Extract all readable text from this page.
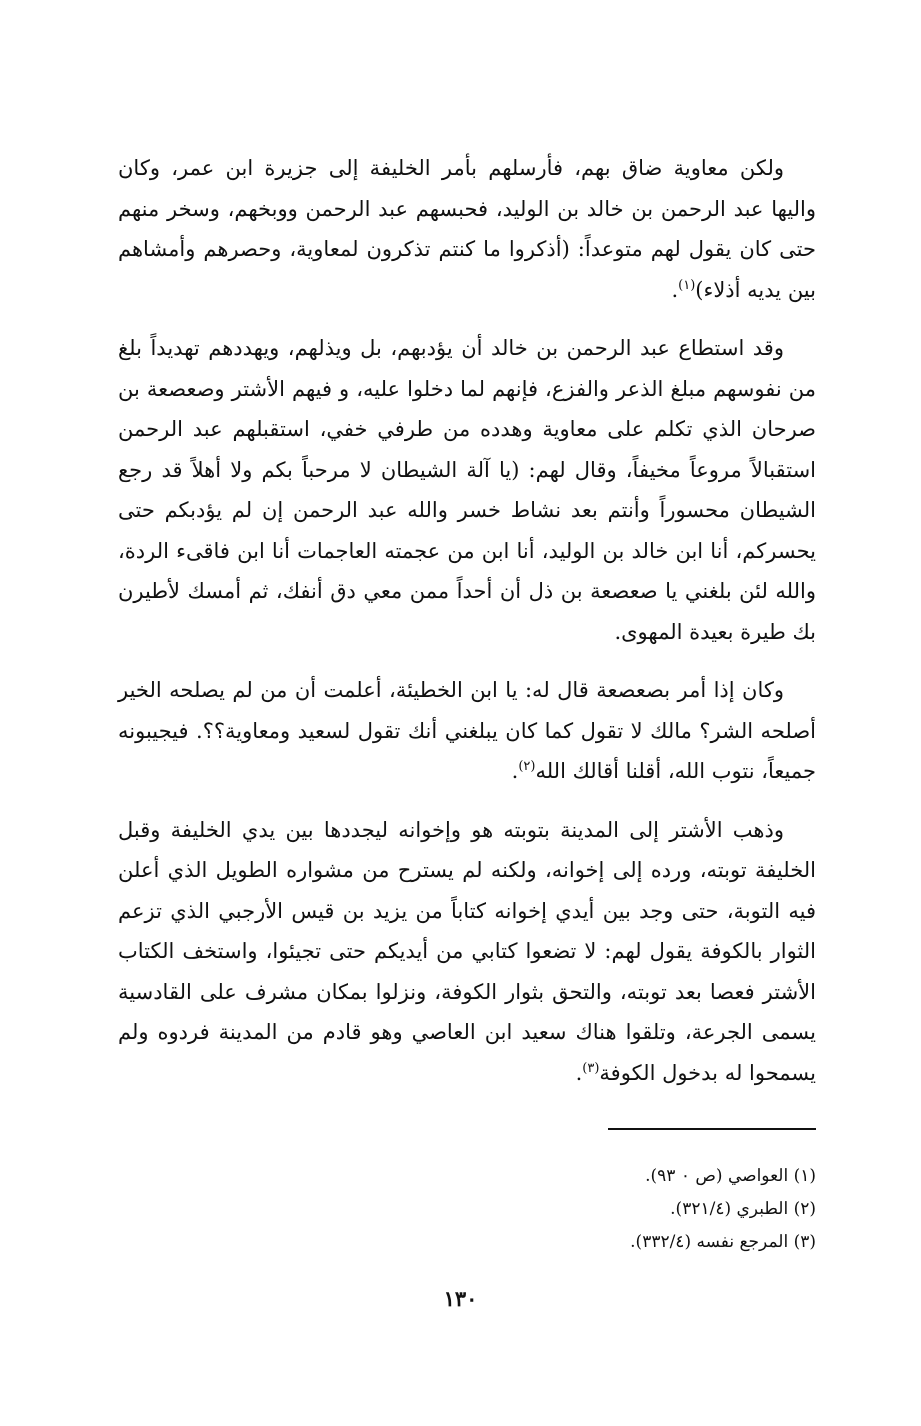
ولكن معاوية ضاق بهم، فأرسلهم بأمر الخليفة إلى جزيرة ابن عمر، وكان واليها عبد الرحمن بن خالد بن الوليد، فحبسهم عبد الرحمن ووبخهم، وسخر منهم حتى كان يقول لهم متوعداً: (أذكروا ما كنتم تذكرون لمعاوية، وحصرهم وأمشاهم بين يديه أذلاء)$^{(١)}$.

وقد استطاع عبد الرحمن بن خالد أن يؤدبهم، بل ويذلهم، ويهددهم تهديداً بلغ من نفوسهم مبلغ الذعر والفزع، فإنهم لما دخلوا عليه، و فيهم الأشتر وصعصعة بن صرحان الذي تكلم على معاوية وهدده من طرفي خفي، استقبلهم عبد الرحمن استقبالاً مروعاً مخيفاً، وقال لهم: (يا آلة الشيطان لا مرحباً بكم ولا أهلاً قد رجع الشيطان محسوراً وأنتم بعد نشاط خسر والله عبد الرحمن إن لم يؤدبكم حتى يحسركم، أنا ابن خالد بن الوليد، أنا ابن من عجمته العاجمات أنا ابن فاقىء الردة، والله لئن بلغني يا صعصعة بن ذل أن أحداً ممن معي دق أنفك، ثم أمسك لأطيرن بك طيرة بعيدة المهوى.

وكان إذا أمر بصعصعة قال له: يا ابن الخطيئة، أعلمت أن من لم يصلحه الخير أصلحه الشر؟ مالك لا تقول كما كان يبلغني أنك تقول لسعيد ومعاوية؟؟. فيجيبونه جميعاً، نتوب الله، أقلنا أقالك الله$^{(٢)}$.

وذهب الأشتر إلى المدينة بتوبته هو وإخوانه ليجددها بين يدي الخليفة وقبل الخليفة توبته، ورده إلى إخوانه، ولكنه لم يسترح من مشواره الطويل الذي أعلن فيه التوبة، حتى وجد بين أيدي إخوانه كتاباً من يزيد بن قيس الأرجبي الذي تزعم الثوار بالكوفة يقول لهم: لا تضعوا كتابي من أيديكم حتى تجيئوا، واستخف الكتاب الأشتر فعصا بعد توبته، والتحق بثوار الكوفة، ونزلوا بمكان مشرف على القادسية يسمى الجرعة، وتلقوا هناك سعيد ابن العاصي وهو قادم من المدينة فردوه ولم يسمحوا له بدخول الكوفة$^{(٣)}$.

(١) العواصي (ص ٠ ٩٣).
(٢) الطبري (٣٢١/٤).
(٣) المرجع نفسه (٣٣٢/٤).
١٣٠
